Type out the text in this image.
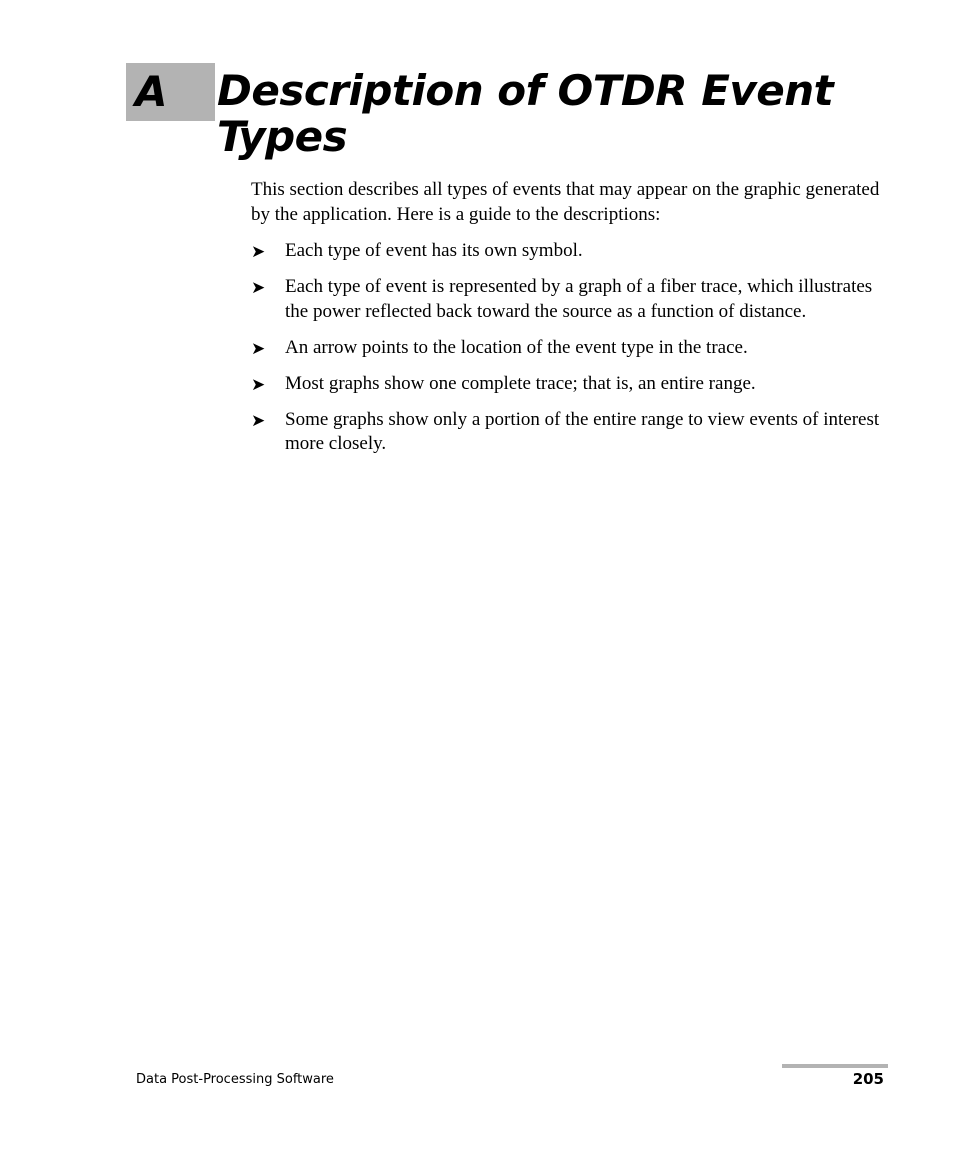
A Description of OTDR Event Types

This section describes all types of events that may appear on the graphic generated by the application. Here is a guide to the descriptions:

➤ Each type of event has its own symbol.
➤ Each type of event is represented by a graph of a fiber trace, which illustrates the power reflected back toward the source as a function of distance.
➤ An arrow points to the location of the event type in the trace.
➤ Most graphs show one complete trace; that is, an entire range.
➤ Some graphs show only a portion of the entire range to view events of interest more closely.
Data Post-Processing Software	205
